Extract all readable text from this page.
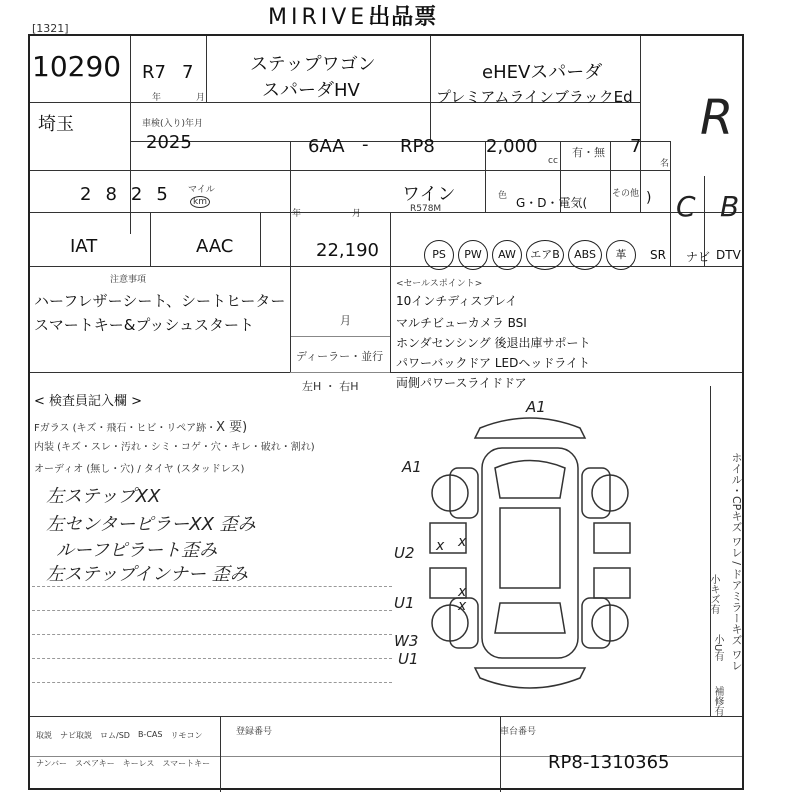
MIRIVE出品票
[1321]
10290
埼玉
R7 7
年	月
ステップワゴン
スパーダHV
eHEVスパーダ
プレミアムラインブラックEd R
車検(入り)年月
2025	6AA - RP8	2,000
cc
有・無 7
名
2825 マイル
km
年	月
ワイン
R578M
色 G・D・電気(	)
その他 C B
IAT	AAC	22,190	PS	PW	AW	エアB	ABS	革	SR ナビ DTV
注意事項
ハーフレザーシート、シートヒーター
スマートキー&プッシュスタート	月
ディーラー・並行
左H ・ 右H
<セールスポイント>
10インチディスプレイ
マルチビューカメラ BSI
ホンダセンシング 後退出庫サポート
パワーバックドア LEDヘッドライト
両側パワースライドドア
< 検査員記入欄 >
Fガラス (キズ・飛石・ヒビ・リペア跡・X 要)
内装 (キズ・スレ・汚れ・シミ・コゲ・穴・キレ・破れ・割れ)
オーディオ (無し・穴) / タイヤ (スタッドレス)
左ステップXX
左センターピラーXX 歪み
ルーフピラート歪み
左ステップインナー 歪み
A1
A1
U2
U1
W3
U1
x
x
x
x	ホイル・CPキズ ワレ / ドアミラーキズ ワレ
小キズ有
小U有
補修有
取説 ナビ取説 ロム/SD B-CAS リモコン
ナンバー スペアキー キーレス スマートキー
登録番号	車台番号
RP8-1310365
